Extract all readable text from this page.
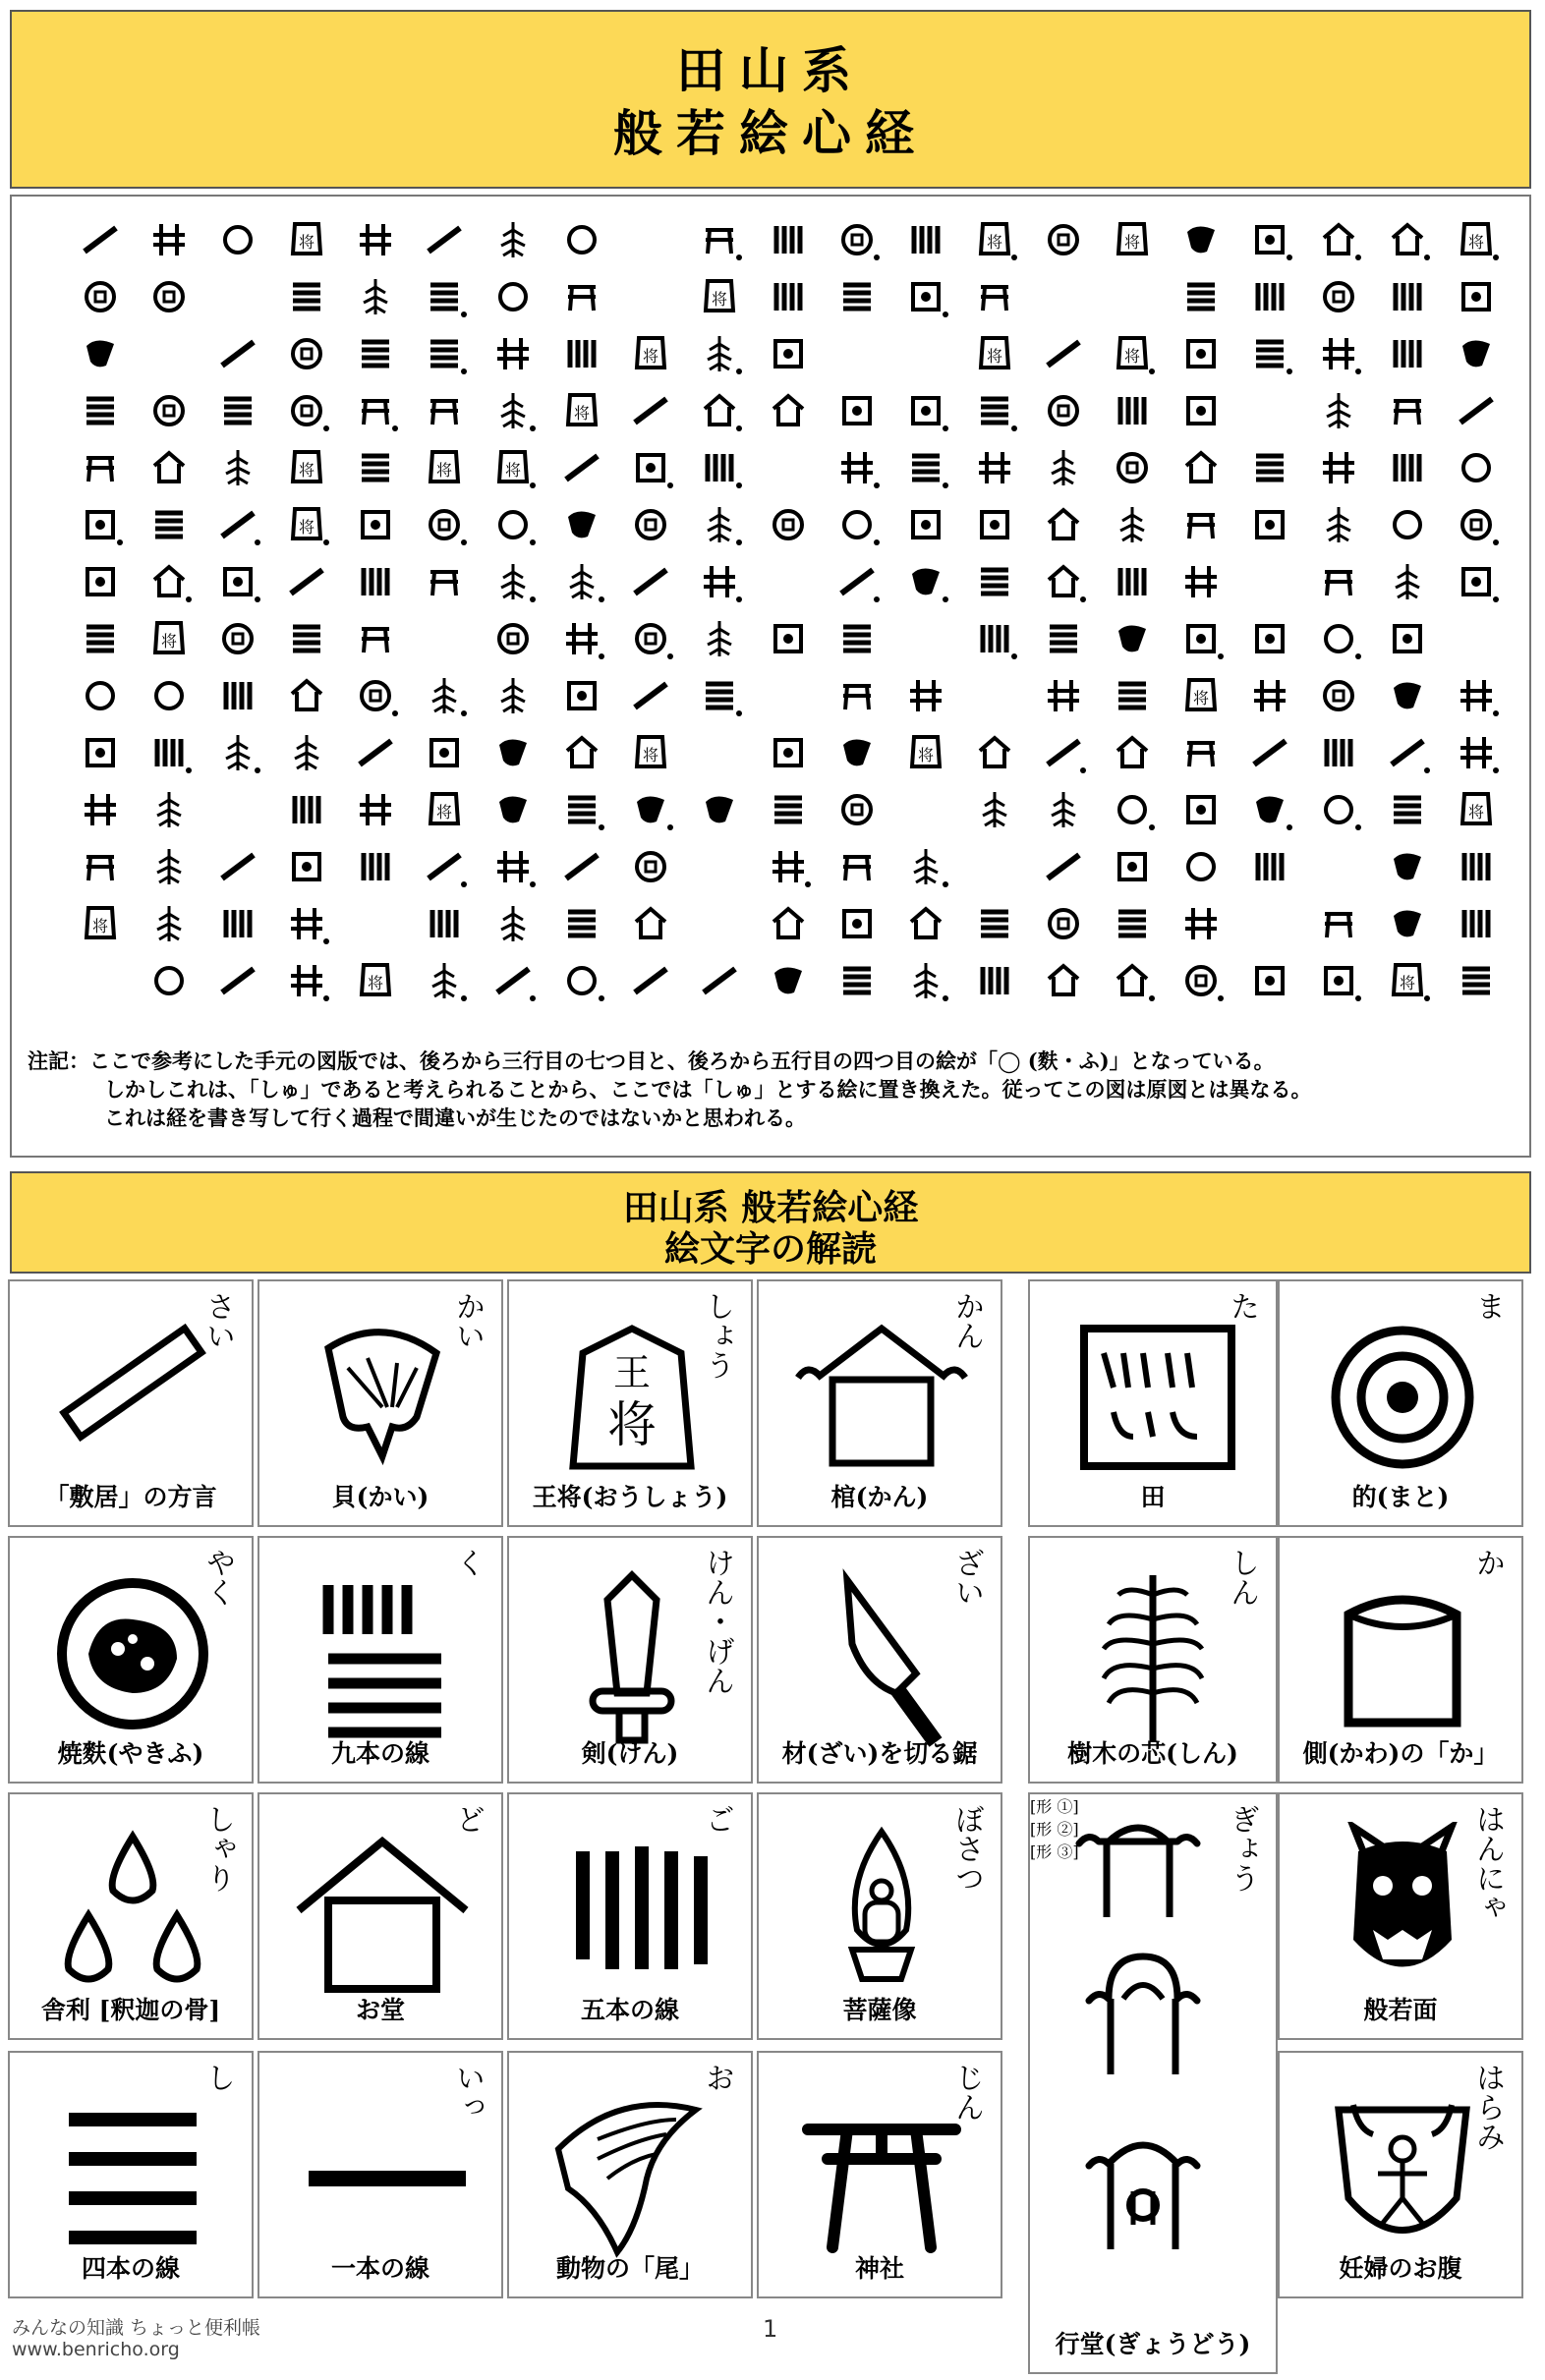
田山系
般若絵心経
将
将
将
将
将
将
将
将
将
将
将
将
将
将
将
将
将
将
将
将
将
将
注記：ここで参考にした手元の図版では、後ろから三行目の七つ目と、後ろから五行目の四つ目の絵が「◯ (麩・ふ)」となっている。
しかしこれは、「しゅ」であると考えられることから、ここでは「しゅ」とする絵に置き換えた。従ってこの図は原図とは異なる。
これは経を書き写して行く過程で間違いが生じたのではないかと思われる。
田山系 般若絵心経
絵文字の解読
さい
「敷居」の方言
かい
貝(かい)
王
将
しょう
王将(おうしょう)
かん
棺(かん)
た
田
ま
的(まと)
やく
焼麩(やきふ)
く
九本の線
けん・げん
剣(けん)
ざい
材(ざい)を切る鋸
しん
樹木の芯(しん)
か
側(かわ)の「か」
しゃり
舎利 [釈迦の骨]
ど
お堂
ご
五本の線
ぼさつ
菩薩像
はんにゃ
般若面
し
四本の線
いっ
一本の線
お
動物の「尾」
じん
神社
はらみ
妊婦のお腹
ぎょう
[形 ①]
[形 ②]
[形 ③]
行堂(ぎょうどう)
みんなの知識 ちょっと便利帳
www.benricho.org
1
